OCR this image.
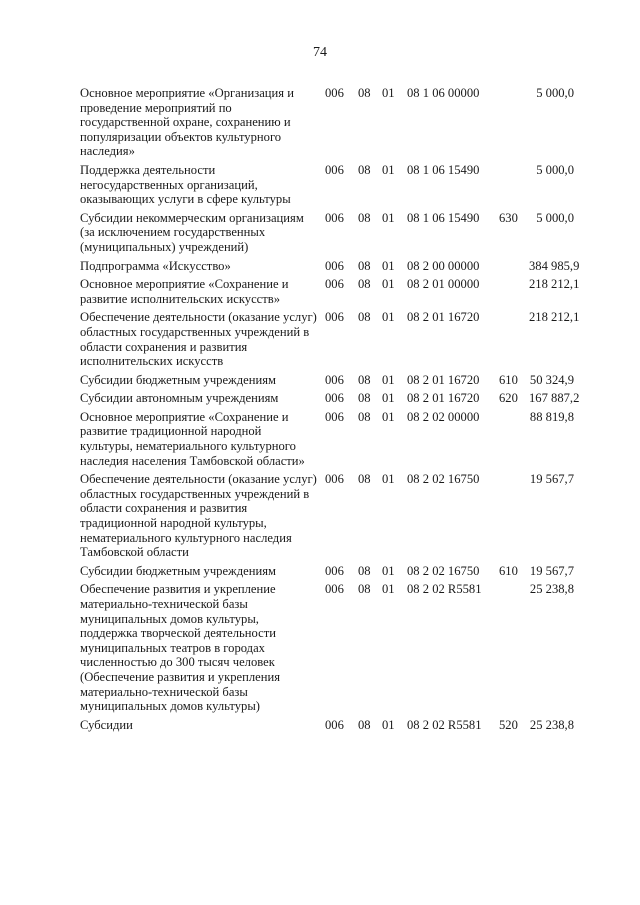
74
Основное мероприятие «Организация и проведение мероприятий по государственной охране, сохранению и популяризации объектов культурного наследия»	006	08	01	08 1 06 00000		5 000,0
Поддержка деятельности негосударственных организаций, оказывающих услуги в сфере культуры	006	08	01	08 1 06 15490		5 000,0
Субсидии некоммерческим организациям (за исключением государственных (муниципальных) учреждений)	006	08	01	08 1 06 15490	630	5 000,0
Подпрограмма «Искусство»	006	08	01	08 2 00 00000		384 985,9
Основное мероприятие «Сохранение и развитие исполнительских искусств»	006	08	01	08 2 01 00000		218 212,1
Обеспечение деятельности (оказание услуг) областных государственных учреждений в области сохранения и развития исполнительских искусств	006	08	01	08 2 01 16720		218 212,1
Субсидии бюджетным учреждениям	006	08	01	08 2 01 16720	610	50 324,9
Субсидии автономным учреждениям	006	08	01	08 2 01 16720	620	167 887,2
Основное мероприятие «Сохранение и развитие традиционной народной культуры, нематериального культурного наследия населения Тамбовской области»	006	08	01	08 2 02 00000		88 819,8
Обеспечение деятельности (оказание услуг) областных государственных учреждений в области сохранения и развития традиционной народной культуры, нематериального культурного наследия Тамбовской области	006	08	01	08 2 02 16750		19 567,7
Субсидии бюджетным учреждениям	006	08	01	08 2 02 16750	610	19 567,7
Обеспечение развития и укрепление материально-технической базы муниципальных домов культуры, поддержка творческой деятельности муниципальных театров в городах численностью до 300 тысяч человек (Обеспечение развития и укрепления материально-технической базы муниципальных домов культуры)	006	08	01	08 2 02 R5581		25 238,8
Субсидии	006	08	01	08 2 02 R5581	520	25 238,8
